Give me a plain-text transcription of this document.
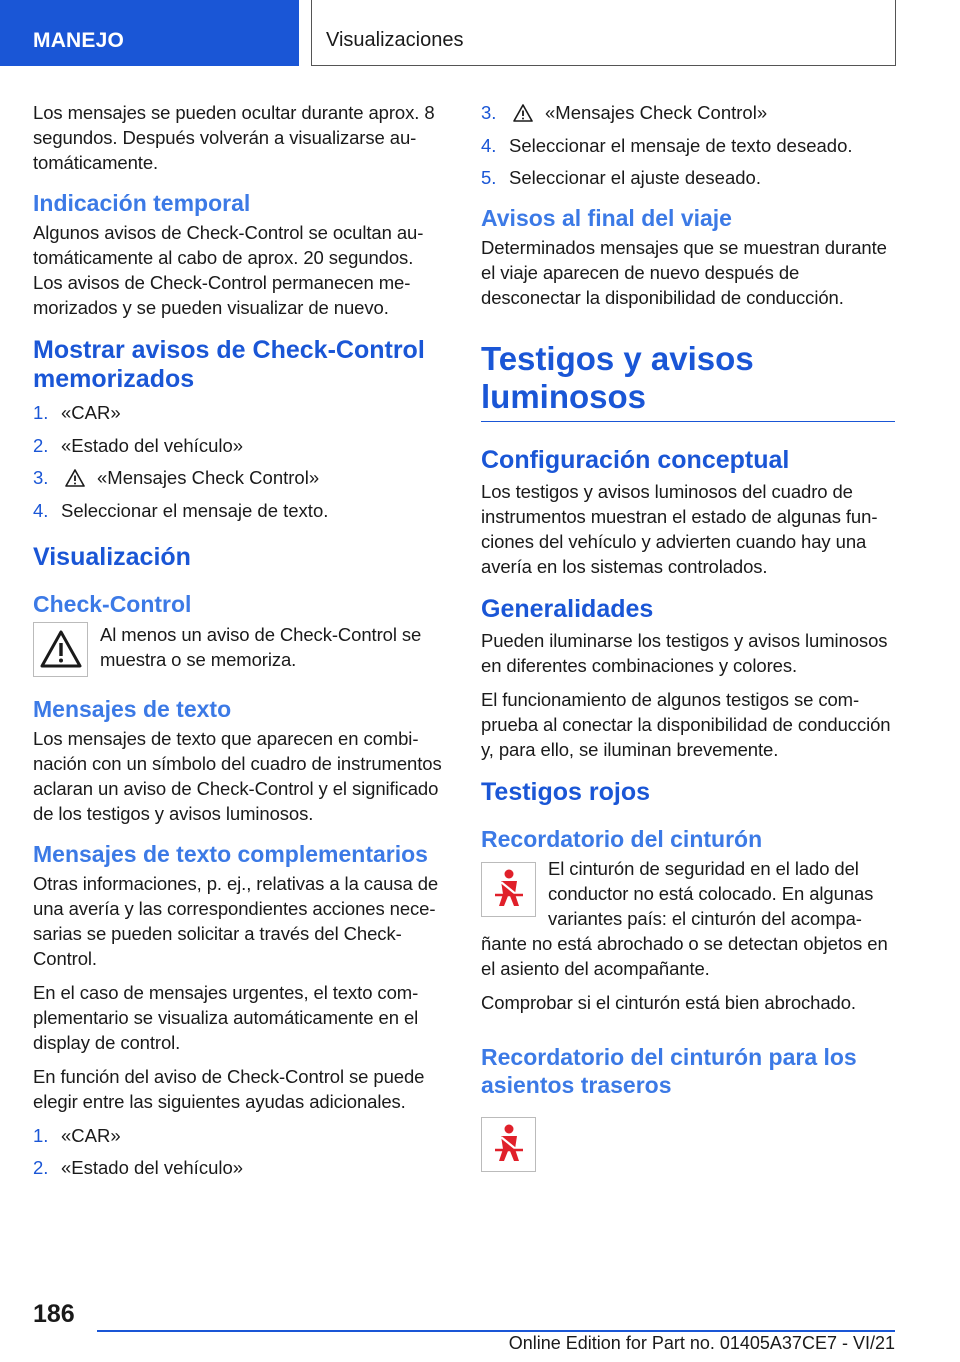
MANEJO	Visualizaciones

Los mensajes se pueden ocultar durante aprox. 8 segundos. Después volverán a visualizarse automáticamente.

Indicación temporal

Algunos avisos de Check-Control se ocultan automáticamente al cabo de aprox. 20 segundos. Los avisos de Check-Control permanecen memorizados y se pueden visualizar de nuevo.

Mostrar avisos de Check-Control memorizados
1. «CAR»
2. «Estado del vehículo»
3.	«Mensajes Check Control»
4. Seleccionar el mensaje de texto.
Visualización
Check-Control

Al menos un aviso de Check-Control se muestra o se memoriza.

Mensajes de texto

Los mensajes de texto que aparecen en combinación con un símbolo del cuadro de instrumentos aclaran un aviso de Check-Control y el significado de los testigos y avisos luminosos.

Mensajes de texto complementarios

Otras informaciones, p. ej., relativas a la causa de una avería y las correspondientes acciones necesarias se pueden solicitar a través del Check-Control.

En el caso de mensajes urgentes, el texto complementario se visualiza automáticamente en el display de control.

En función del aviso de Check-Control se puede elegir entre las siguientes ayudas adicionales.

1. «CAR»
2. «Estado del vehículo»
3.	«Mensajes Check Control»
4. Seleccionar el mensaje de texto deseado.
5. Seleccionar el ajuste deseado.
Avisos al final del viaje

Determinados mensajes que se muestran durante el viaje aparecen de nuevo después de desconectar la disponibilidad de conducción.

Testigos y avisos luminosos
Configuración conceptual

Los testigos y avisos luminosos del cuadro de instrumentos muestran el estado de algunas funciones del vehículo y advierten cuando hay una avería en los sistemas controlados.

Generalidades

Pueden iluminarse los testigos y avisos luminosos en diferentes combinaciones y colores.

El funcionamiento de algunos testigos se comprueba al conectar la disponibilidad de conducción y, para ello, se iluminan brevemente.

Testigos rojos
Recordatorio del cinturón

El cinturón de seguridad en el lado del conductor no está colocado. En algunas variantes país: el cinturón del acompañante no está abrochado o se detectan objetos en el asiento del acompañante.

Comprobar si el cinturón está bien abrochado.

Recordatorio del cinturón para los asientos traseros
186
Online Edition for Part no. 01405A37CE7 - VI/21
